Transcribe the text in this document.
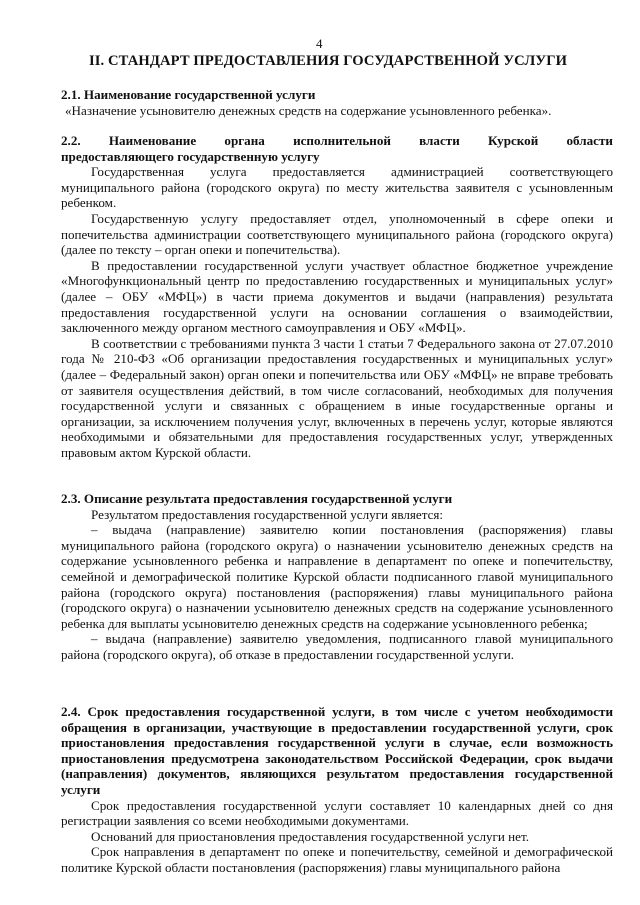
4
II. СТАНДАРТ ПРЕДОСТАВЛЕНИЯ ГОСУДАРСТВЕННОЙ УСЛУГИ

2.1. Наименование государственной услуги

«Назначение усыновителю денежных средств на содержание усыновленного ребенка».

2.2. Наименование органа исполнительной власти Курской области

предоставляющего государственную услугу

Государственная услуга предоставляется администрацией соответствующего муниципального района (городского округа) по месту жительства заявителя с усыновленным ребенком.

Государственную услугу предоставляет отдел, уполномоченный в сфере опеки и попечительства администрации соответствующего муниципального района (городского округа) (далее по тексту – орган опеки и попечительства).

В предоставлении государственной услуги участвует областное бюджетное учреждение «Многофункциональный центр по предоставлению государственных и муниципальных услуг» (далее – ОБУ «МФЦ») в части приема документов и выдачи (направления) результата предоставления государственной услуги на основании соглашения о взаимодействии, заключенного между органом местного самоуправления и ОБУ «МФЦ».

В соответствии с требованиями пункта 3 части 1 статьи 7 Федерального закона от 27.07.2010 года № 210-ФЗ «Об организации предоставления государственных и муниципальных услуг» (далее – Федеральный закон) орган опеки и попечительства или ОБУ «МФЦ» не вправе требовать от заявителя осуществления действий, в том числе согласований, необходимых для получения государственной услуги и связанных с обращением в иные государственные органы и организации, за исключением получения услуг, включенных в перечень услуг, которые являются необходимыми и обязательными для предоставления государственных услуг, утвержденных правовым актом Курской области.

2.3. Описание результата предоставления государственной услуги

Результатом предоставления государственной услуги является:

– выдача (направление) заявителю копии постановления (распоряжения) главы муниципального района (городского округа) о назначении усыновителю денежных средств на содержание усыновленного ребенка и направление в департамент по опеке и попечительству, семейной и демографической политике Курской области подписанного главой муниципального района (городского округа) постановления (распоряжения) главы муниципального района (городского округа) о назначении усыновителю денежных средств на содержание усыновленного ребенка для выплаты усыновителю денежных средств на содержание усыновленного ребенка;

– выдача (направление) заявителю уведомления, подписанного главой муниципального района (городского округа), об отказе в предоставлении государственной услуги.

2.4. Срок предоставления государственной услуги, в том числе с учетом необходимости обращения в организации, участвующие в предоставлении государственной услуги, срок приостановления предоставления государственной услуги в случае, если возможность приостановления предусмотрена законодательством Российской Федерации, срок выдачи (направления) документов, являющихся результатом предоставления государственной услуги

Срок предоставления государственной услуги составляет 10 календарных дней со дня регистрации заявления со всеми необходимыми документами.

Оснований для приостановления предоставления государственной услуги нет.

Срок направления в департамент по опеке и попечительству, семейной и демографической политике Курской области постановления (распоряжения) главы муниципального района
